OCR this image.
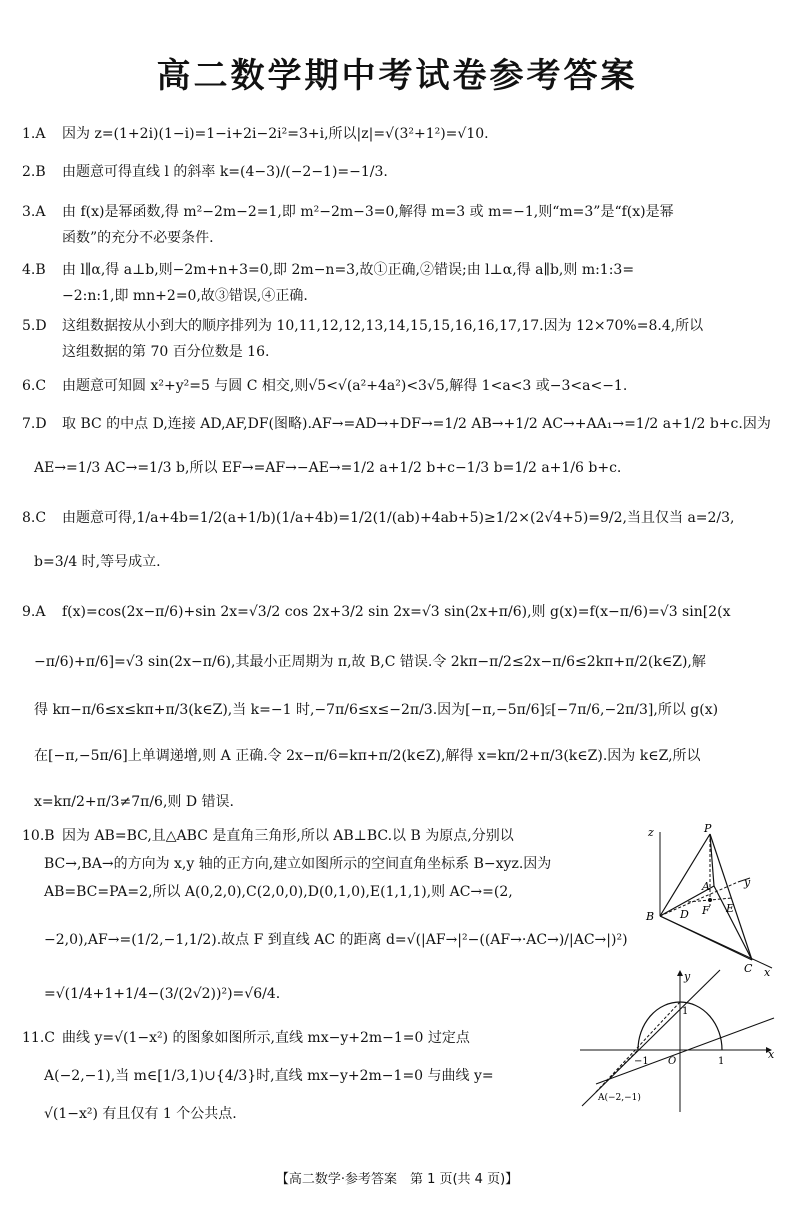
高二数学期中考试卷参考答案
1.A 因为 z=(1+2i)(1−i)=1−i+2i−2i²=3+i,所以|z|=√(3²+1²)=√10.
2.B 由题意可得直线 l 的斜率 k=(4−3)/(−2−1)=−1/3.
3.A 由 f(x)是幂函数,得 m²−2m−2=1,即 m²−2m−3=0,解得 m=3 或 m=−1,则“m=3”是“f(x)是幂
函数”的充分不必要条件.
4.B 由 l∥α,得 a⊥b,则−2m+n+3=0,即 2m−n=3,故①正确,②错误;由 l⊥α,得 a∥b,则 m:1:3=
−2:n:1,即 mn+2=0,故③错误,④正确.
5.D 这组数据按从小到大的顺序排列为 10,11,12,12,13,14,15,15,16,16,17,17.因为 12×70%=8.4,所以
这组数据的第 70 百分位数是 16.
6.C 由题意可知圆 x²+y²=5 与圆 C 相交,则√5<√(a²+4a²)<3√5,解得 1<a<3 或−3<a<−1.
7.D 取 BC 的中点 D,连接 AD,AF,DF(图略).AF→=AD→+DF→=1/2 AB→+1/2 AC→+AA₁→=1/2 a+1/2 b+c.因为
AE→=1/3 AC→=1/3 b,所以 EF→=AF→−AE→=1/2 a+1/2 b+c−1/3 b=1/2 a+1/6 b+c.
8.C 由题意可得,1/a+4b=1/2(a+1/b)(1/a+4b)=1/2(1/(ab)+4ab+5)≥1/2×(2√4+5)=9/2,当且仅当 a=2/3,
b=3/4 时,等号成立.
9.A f(x)=cos(2x−π/6)+sin 2x=√3/2 cos 2x+3/2 sin 2x=√3 sin(2x+π/6),则 g(x)=f(x−π/6)=√3 sin[2(x
−π/6)+π/6]=√3 sin(2x−π/6),其最小正周期为 π,故 B,C 错误.令 2kπ−π/2≤2x−π/6≤2kπ+π/2(k∈Z),解
得 kπ−π/6≤x≤kπ+π/3(k∈Z),当 k=−1 时,−7π/6≤x≤−2π/3.因为[−π,−5π/6]⫋[−7π/6,−2π/3],所以 g(x)
在[−π,−5π/6]上单调递增,则 A 正确.令 2x−π/6=kπ+π/2(k∈Z),解得 x=kπ/2+π/3(k∈Z).因为 k∈Z,所以
x=kπ/2+π/3≠7π/6,则 D 错误.
10.B 因为 AB=BC,且△ABC 是直角三角形,所以 AB⊥BC.以 B 为原点,分别以
BC→,BA→的方向为 x,y 轴的正方向,建立如图所示的空间直角坐标系 B−xyz.因为
AB=BC=PA=2,所以 A(0,2,0),C(2,0,0),D(0,1,0),E(1,1,1),则 AC→=(2,
−2,0),AF→=(1/2,−1,1/2).故点 F 到直线 AC 的距离 d=√(|AF→|²−((AF→·AC→)/|AC→|)²)
=√(1/4+1+1/4−(3/(2√2))²)=√6/4.
11.C 曲线 y=√(1−x²) 的图象如图所示,直线 mx−y+2m−1=0 过定点
A(−2,−1),当 m∈[1/3,1)∪{4/3}时,直线 mx−y+2m−1=0 与曲线 y=
√(1−x²) 有且仅有 1 个公共点.
z	P
A	y
B D F E
C x
y
1
−1 O	1
x
A(−2,−1)
【高二数学·参考答案　第 1 页(共 4 页)】
